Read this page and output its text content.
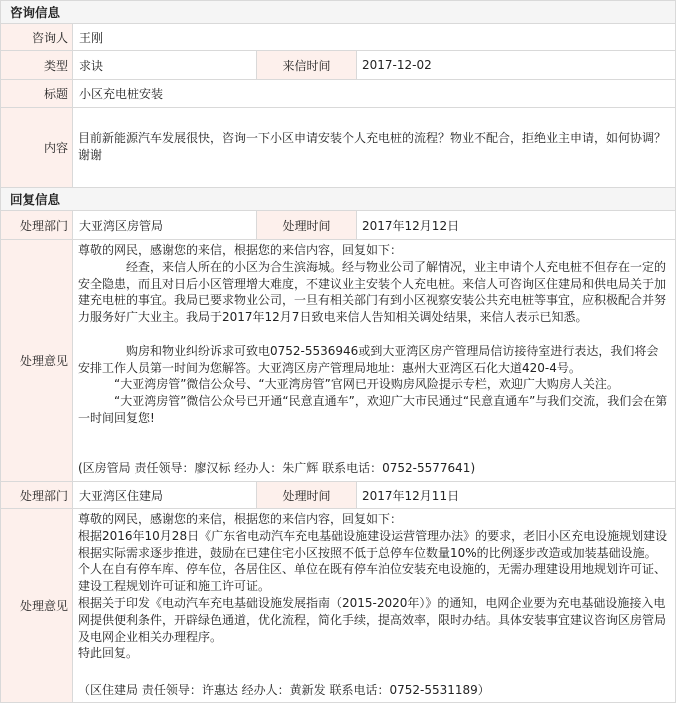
咨询信息
咨询人 王刚
类型 求诀	来信时间	2017-12-02
标题 小区充电桩安装
内容
目前新能源汽车发展很快，咨询一下小区申请安装个人充电桩的流程？物业不配合，拒绝业主申请，如何协调？谢谢
回复信息
处理部门 大亚湾区房管局	处理时间	2017年12月12日
处理意见

尊敬的网民，感谢您的来信，根据您的来信内容，回复如下：

经查，来信人所在的小区为合生滨海城。经与物业公司了解情况，业主申请个人充电桩不但存在一定的安全隐患，而且对日后小区管理增大难度，不建议业主安装个人充电桩。来信人可咨询区住建局和供电局关于加建充电桩的事宜。我局已要求物业公司，一旦有相关部门有到小区视察安装公共充电桩等事宜，应积极配合并努力服务好广大业主。我局于2017年12月7日致电来信人告知相关调处结果，来信人表示已知悉。

购房和物业纠纷诉求可致电0752-5536946或到大亚湾区房产管理局信访接待室进行表达，我们将会安排工作人员第一时间为您解答。大亚湾区房产管理局地址：惠州大亚湾区石化大道420-4号。

“大亚湾房管”微信公众号、“大亚湾房管”官网已开设购房风险提示专栏，欢迎广大购房人关注。

“大亚湾房管”微信公众号已开通“民意直通车”，欢迎广大市民通过“民意直通车”与我们交流，我们会在第一时间回复您!

(区房管局 责任领导：廖汉标 经办人：朱广辉 联系电话：0752-5577641)

处理部门 大亚湾区住建局	处理时间	2017年12月11日
处理意见

尊敬的网民，感谢您的来信，根据您的来信内容，回复如下：

根据2016年10月28日《广东省电动汽车充电基础设施建设运营管理办法》的要求，老旧小区充电设施规划建设根据实际需求逐步推进，鼓励在已建住宅小区按照不低于总停车位数量10%的比例逐步改造或加装基础设施。

个人在自有停车库、停车位，各居住区、单位在既有停车泊位安装充电设施的，无需办理建设用地规划许可证、建设工程规划许可证和施工许可证。

根据关于印发《电动汽车充电基础设施发展指南（2015-2020年）》的通知，电网企业要为充电基础设施接入电网提供便利条件，开辟绿色通道，优化流程，简化手续，提高效率，限时办结。具体安装事宜建议咨询区房管局及电网企业相关办理程序。

特此回复。

（区住建局 责任领导：许惠达 经办人：黄新发 联系电话：0752-5531189）
